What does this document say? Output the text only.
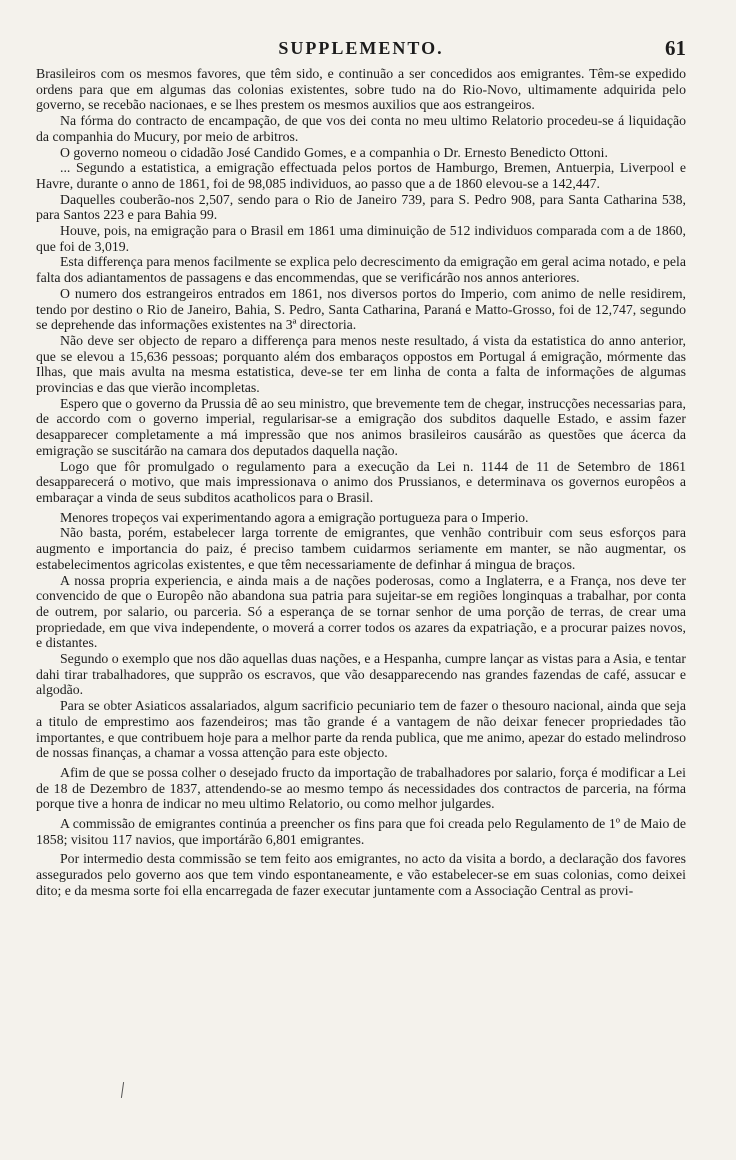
SUPPLEMENTO.	61

Brasileiros com os mesmos favores, que têm sido, e continuão a ser concedidos aos emigrantes. Têm-se expedido ordens para que em algumas das colonias existentes, sobre tudo na do Rio-Novo, ultimamente adquirida pelo governo, se recebão nacionaes, e se lhes prestem os mesmos auxilios que aos estrangeiros.

Na fórma do contracto de encampação, de que vos dei conta no meu ultimo Relatorio procedeu-se á liquidação da companhia do Mucury, por meio de arbitros.

O governo nomeou o cidadão José Candido Gomes, e a companhia o Dr. Ernesto Benedicto Ottoni.

... Segundo a estatistica, a emigração effectuada pelos portos de Hamburgo, Bremen, Antuerpia, Liverpool e Havre, durante o anno de 1861, foi de 98,085 individuos, ao passo que a de 1860 elevou-se a 142,447.

Daquelles couberão-nos 2,507, sendo para o Rio de Janeiro 739, para S. Pedro 908, para Santa Catharina 538, para Santos 223 e para Bahia 99.

Houve, pois, na emigração para o Brasil em 1861 uma diminuição de 512 individuos comparada com a de 1860, que foi de 3,019.

Esta differença para menos facilmente se explica pelo decrescimento da emigração em geral acima notado, e pela falta dos adiantamentos de passagens e das encommendas, que se verificárão nos annos anteriores.

O numero dos estrangeiros entrados em 1861, nos diversos portos do Imperio, com animo de nelle residirem, tendo por destino o Rio de Janeiro, Bahia, S. Pedro, Santa Catharina, Paraná e Matto-Grosso, foi de 12,747, segundo se deprehende das informações existentes na 3ª directoria.

Não deve ser objecto de reparo a differença para menos neste resultado, á vista da estatistica do anno anterior, que se elevou a 15,636 pessoas; porquanto além dos embaraços oppostos em Portugal á emigração, mórmente das Ilhas, que mais avulta na mesma estatistica, deve-se ter em linha de conta a falta de informações de algumas provincias e das que vierão incompletas.

Espero que o governo da Prussia dê ao seu ministro, que brevemente tem de chegar, instrucções necessarias para, de accordo com o governo imperial, regularisar-se a emigração dos subditos daquelle Estado, e assim fazer desapparecer completamente a má impressão que nos animos brasileiros causárão as questões que ácerca da emigração se suscitárão na camara dos deputados daquella nação.

Logo que fôr promulgado o regulamento para a execução da Lei n. 1144 de 11 de Setembro de 1861 desapparecerá o motivo, que mais impressionava o animo dos Prussianos, e determinava os governos europêos a embaraçar a vinda de seus subditos acatholicos para o Brasil.

Menores tropeços vai experimentando agora a emigração portugueza para o Imperio.

Não basta, porém, estabelecer larga torrente de emigrantes, que venhão contribuir com seus esforços para augmento e importancia do paiz, é preciso tambem cuidarmos seriamente em manter, se não augmentar, os estabelecimentos agricolas existentes, e que têm necessariamente de definhar á mingua de braços.

A nossa propria experiencia, e ainda mais a de nações poderosas, como a Inglaterra, e a França, nos deve ter convencido de que o Europêo não abandona sua patria para sujeitar-se em regiões longinquas a trabalhar, por conta de outrem, por salario, ou parceria. Só a esperança de se tornar senhor de uma porção de terras, de crear uma propriedade, em que viva independente, o moverá a correr todos os azares da expatriação, e a procurar paizes novos, e distantes.

Segundo o exemplo que nos dão aquellas duas nações, e a Hespanha, cumpre lançar as vistas para a Asia, e tentar dahi tirar trabalhadores, que supprão os escravos, que vão desapparecendo nas grandes fazendas de café, assucar e algodão.

Para se obter Asiaticos assalariados, algum sacrificio pecuniario tem de fazer o thesouro nacional, ainda que seja a titulo de emprestimo aos fazendeiros; mas tão grande é a vantagem de não deixar fenecer propriedades tão importantes, e que contribuem hoje para a melhor parte da renda publica, que me animo, apezar do estado melindroso de nossas finanças, a chamar a vossa attenção para este objecto.

Afim de que se possa colher o desejado fructo da importação de trabalhadores por salario, força é modificar a Lei de 18 de Dezembro de 1837, attendendo-se ao mesmo tempo ás necessidades dos contractos de parceria, na fórma porque tive a honra de indicar no meu ultimo Relatorio, ou como melhor julgardes.

A commissão de emigrantes continúa a preencher os fins para que foi creada pelo Regulamento de 1º de Maio de 1858; visitou 117 navios, que importárão 6,801 emigrantes.

Por intermedio desta commissão se tem feito aos emigrantes, no acto da visita a bordo, a declaração dos favores assegurados pelo governo aos que tem vindo espontaneamente, e vão estabelecer-se em suas colonias, como deixei dito; e da mesma sorte foi ella encarregada de fazer executar juntamente com a Associação Central as provi-
